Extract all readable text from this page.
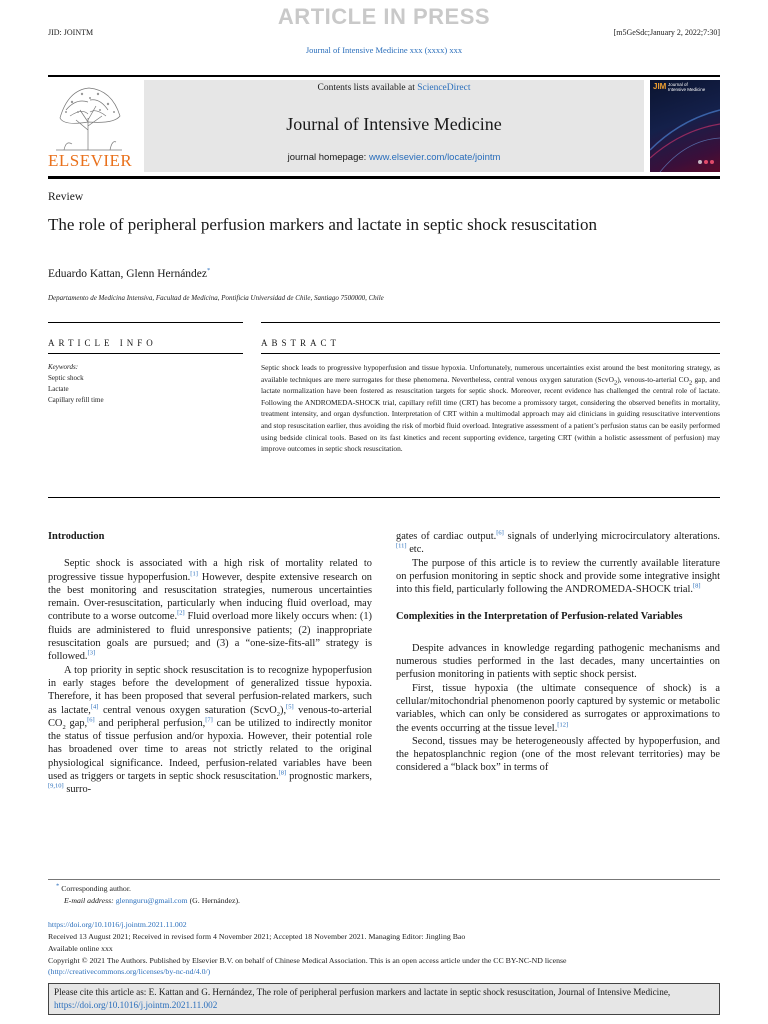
ARTICLE IN PRESS
JID: JOINTM	[m5GeSdc;January 2, 2022;7:30]
Journal of Intensive Medicine xxx (xxxx) xxx
ELSEVIER
Contents lists available at ScienceDirect
Journal of Intensive Medicine
journal homepage: www.elsevier.com/locate/jointm
JIM Journal of
Intensive Medicine
Review
The role of peripheral perfusion markers and lactate in septic shock resuscitation
Eduardo Kattan, Glenn Hernández*
Departamento de Medicina Intensiva, Facultad de Medicina, Pontificia Universidad de Chile, Santiago 7500000, Chile
ARTICLE INFO	ABSTRACT
Keywords:
Septic shock
Lactate
Capillary refill time
Septic shock leads to progressive hypoperfusion and tissue hypoxia. Unfortunately, numerous uncertainties exist around the best monitoring strategy, as available techniques are mere surrogates for these phenomena. Nevertheless, central venous oxygen saturation (ScvO$_2$), venous-to-arterial $CO_2$ gap, and lactate normalization have been fostered as resuscitation targets for septic shock. Moreover, recent evidence has challenged the central role of lactate. Following the ANDROMEDA-SHOCK trial, capillary refill time (CRT) has become a promissory target, considering the observed benefits in mortality, treatment intensity, and organ dysfunction. Interpretation of CRT within a multimodal approach may aid clinicians in guiding resuscitative interventions and stop resuscitation earlier, thus avoiding the risk of morbid fluid overload. Integrative assessment of a patient’s perfusion status can be easily performed using bedside clinical tools. Based on its fast kinetics and recent supporting evidence, targeting CRT (within a holistic assessment of perfusion) may improve outcomes in septic shock resuscitation.
Introduction

Septic shock is associated with a high risk of mortality related to progressive tissue hypoperfusion.[1] However, despite extensive research on the best monitoring and resuscitation strategies, numerous uncertainties remain. Over-resuscitation, particularly when inducing fluid overload, may contribute to a worse outcome.[2] Fluid overload more likely occurs when: (1) fluids are administered to fluid unresponsive patients; (2) inappropriate resuscitation goals are pursued; and (3) a “one-size-fits-all” strategy is followed.[3]

A top priority in septic shock resuscitation is to recognize hypoperfusion in early stages before the development of generalized tissue hypoxia. Therefore, it has been proposed that several perfusion-related markers, such as lactate,[4] central venous oxygen saturation (ScvO$_2$),[5] venous-to-arterial $CO_2$ gap,[6] and peripheral perfusion,[7] can be utilized to indirectly monitor the status of tissue perfusion and/or hypoxia. However, their potential role has broadened over time to areas not strictly related to the original physiological significance. Indeed, perfusion-related variables have been used as triggers or targets in septic shock resuscitation.[8] prognostic markers,[9,10] surro-

gates of cardiac output.[6] signals of underlying microcirculatory alterations.[11] etc.

The purpose of this article is to review the currently available literature on perfusion monitoring in septic shock and provide some integrative insight into this field, particularly following the ANDROMEDA-SHOCK trial.[8]

Complexities in the Interpretation of Perfusion-related Variables

Despite advances in knowledge regarding pathogenic mechanisms and numerous studies performed in the last decades, many uncertainties on perfusion monitoring in patients with septic shock persist.

First, tissue hypoxia (the ultimate consequence of shock) is a cellular/mitochondrial phenomenon poorly captured by systemic or metabolic variables, which can only be considered as surrogates or approximations to the events occurring at the tissue level.[12]

Second, tissues may be heterogeneously affected by hypoperfusion, and the hepatosplanchnic region (one of the most relevant territories) may be considered a “black box” in terms of

* Corresponding author.
E-mail address: glennguru@gmail.com (G. Hernández).
https://doi.org/10.1016/j.jointm.2021.11.002
Received 13 August 2021; Received in revised form 4 November 2021; Accepted 18 November 2021. Managing Editor: Jingling Bao
Available online xxx
Copyright © 2021 The Authors. Published by Elsevier B.V. on behalf of Chinese Medical Association. This is an open access article under the CC BY-NC-ND license
(http://creativecommons.org/licenses/by-nc-nd/4.0/)
Please cite this article as: E. Kattan and G. Hernández, The role of peripheral perfusion markers and lactate in septic shock resuscitation, Journal of Intensive Medicine, https://doi.org/10.1016/j.jointm.2021.11.002
